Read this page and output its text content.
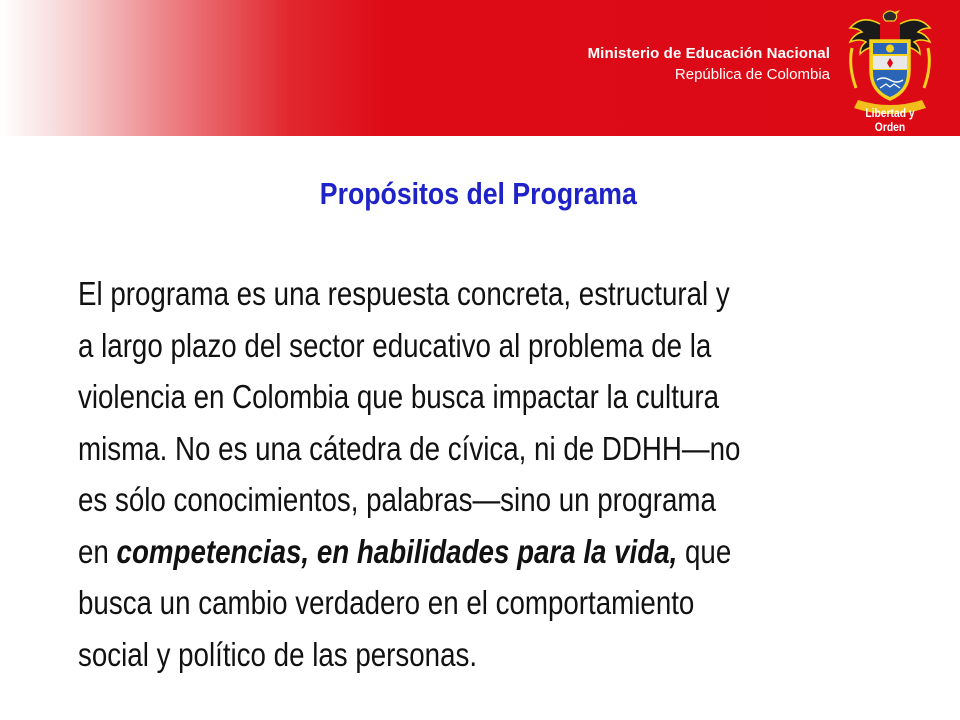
Ministerio de Educación Nacional
República de Colombia
Libertad y Orden
Propósitos del Programa
El programa es una respuesta concreta, estructural y
a largo plazo del sector educativo al problema de la
violencia en Colombia que busca impactar la cultura
misma. No es una cátedra de cívica, ni de DDHH—no
es sólo conocimientos, palabras—sino un programa
en competencias, en habilidades para la vida, que
busca un cambio verdadero en el comportamiento
social y político de las personas.
